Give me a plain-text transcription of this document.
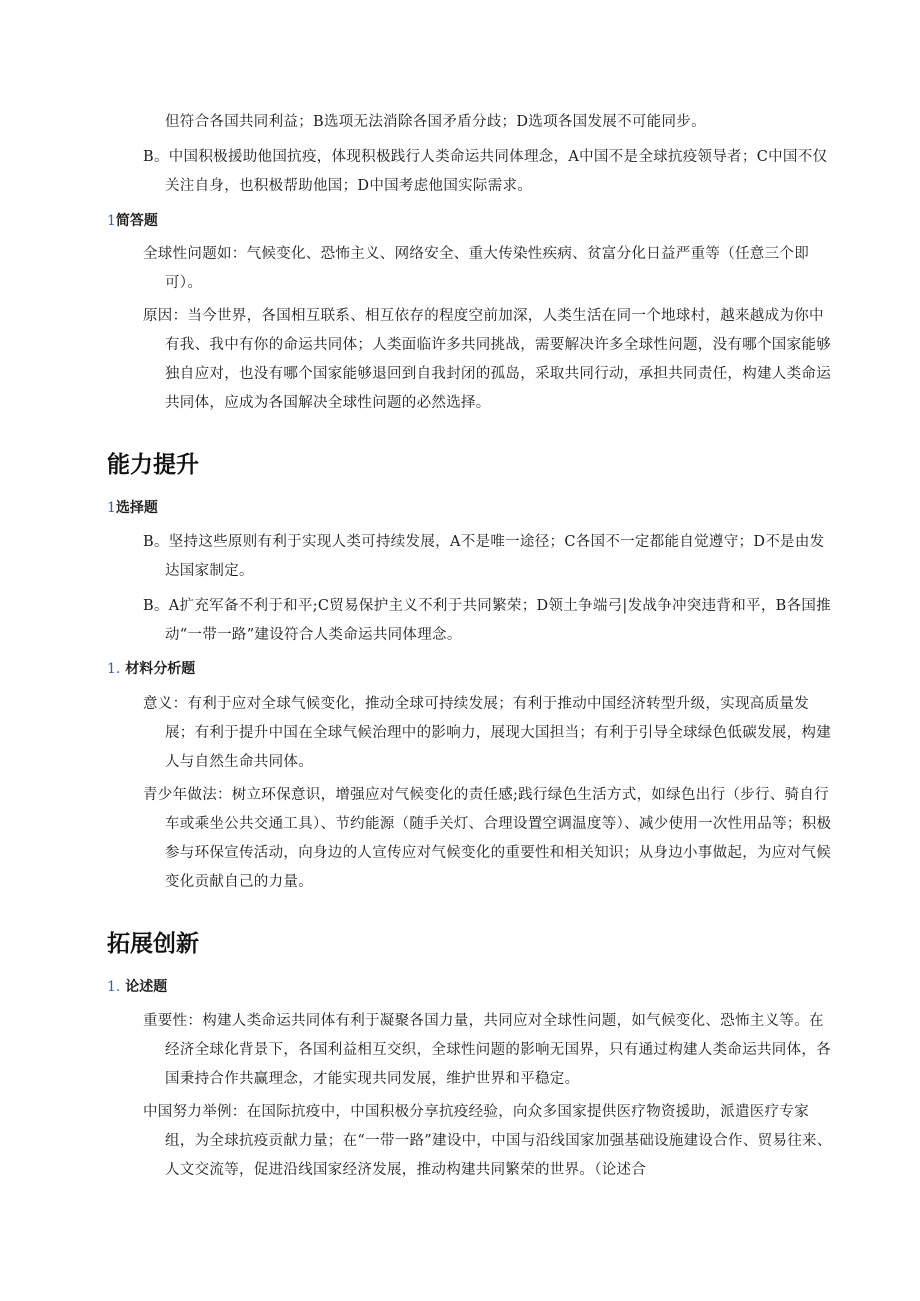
但符合各国共同利益；B选项无法消除各国矛盾分歧；D选项各国发展不可能同步。

B。中国积极援助他国抗疫，体现积极践行人类命运共同体理念，A中国不是全球抗疫领导者；C中国不仅关注自身，也积极帮助他国；D中国考虑他国实际需求。

1简答题

全球性问题如：气候变化、恐怖主义、网络安全、重大传染性疾病、贫富分化日益严重等（任意三个即可）。

原因：当今世界，各国相互联系、相互依存的程度空前加深，人类生活在同一个地球村，越来越成为你中有我、我中有你的命运共同体；人类面临许多共同挑战，需要解决许多全球性问题，没有哪个国家能够独自应对，也没有哪个国家能够退回到自我封闭的孤岛，采取共同行动，承担共同责任，构建人类命运共同体，应成为各国解决全球性问题的必然选择。

能力提升
1选择题

B。坚持这些原则有利于实现人类可持续发展，A不是唯一途径；C各国不一定都能自觉遵守；D不是由发达国家制定。

B。A扩充军备不利于和平;C贸易保护主义不利于共同繁荣；D领土争端弓|发战争冲突违背和平，B各国推动“一带一路”建设符合人类命运共同体理念。

1. 材料分析题

意义：有利于应对全球气候变化，推动全球可持续发展；有利于推动中国经济转型升级，实现高质量发展；有利于提升中国在全球气候治理中的影响力，展现大国担当；有利于引导全球绿色低碳发展，构建人与自然生命共同体。

青少年做法：树立环保意识，增强应对气候变化的责任感;践行绿色生活方式，如绿色出行（步行、骑自行车或乘坐公共交通工具）、节约能源（随手关灯、合理设置空调温度等）、减少使用一次性用品等；积极参与环保宣传活动，向身边的人宣传应对气候变化的重要性和相关知识；从身边小事做起，为应对气候变化贡献自己的力量。

拓展创新
1. 论述题

重要性：构建人类命运共同体有利于凝聚各国力量，共同应对全球性问题，如气候变化、恐怖主义等。在经济全球化背景下，各国利益相互交织，全球性问题的影响无国界，只有通过构建人类命运共同体，各国秉持合作共赢理念，才能实现共同发展，维护世界和平稳定。

中国努力举例：在国际抗疫中，中国积极分享抗疫经验，向众多国家提供医疗物资援助，派遣医疗专家组，为全球抗疫贡献力量；在“一带一路”建设中，中国与沿线国家加强基础设施建设合作、贸易往来、人文交流等，促进沿线国家经济发展，推动构建共同繁荣的世界。（论述合
